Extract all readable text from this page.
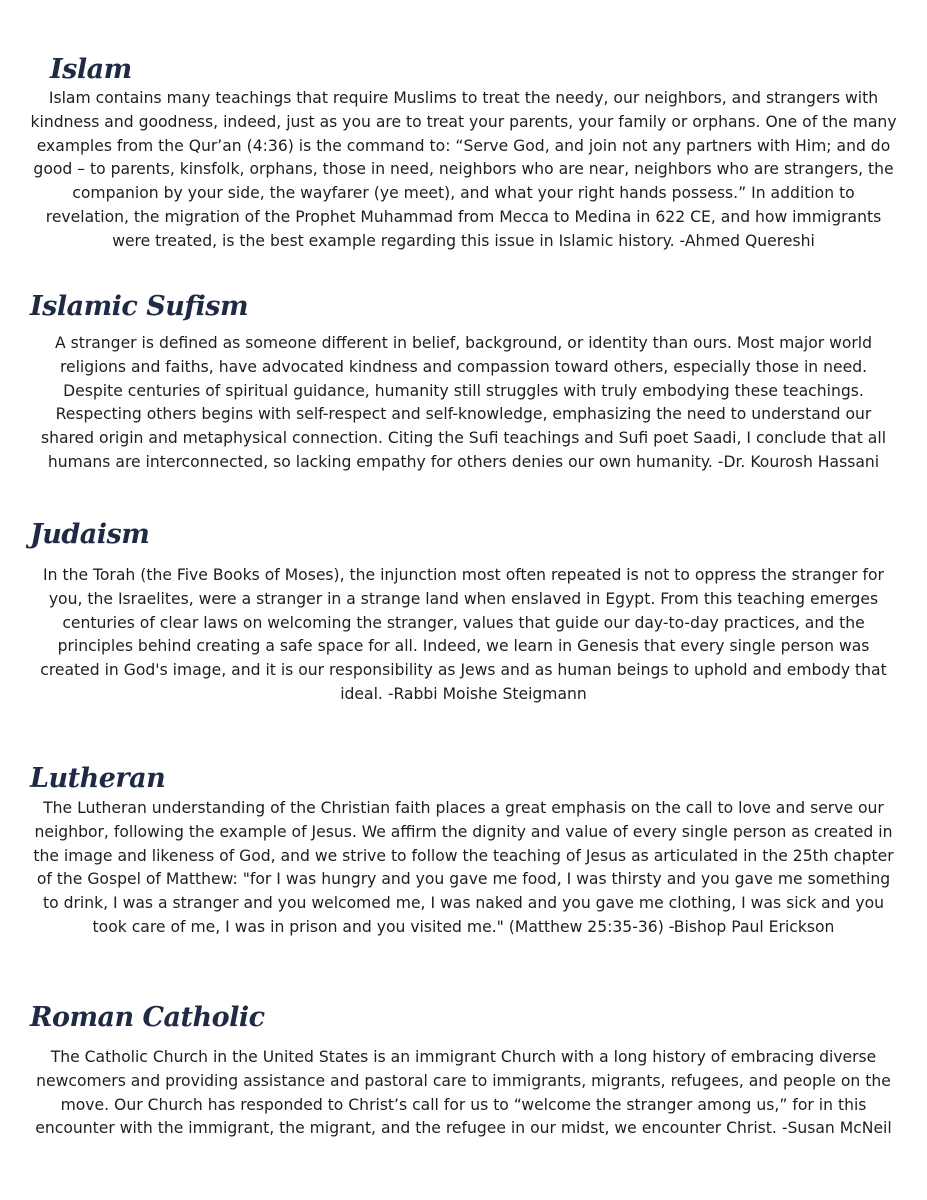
Islam

Islam contains many teachings that require Muslims to treat the needy, our neighbors, and strangers with kindness and goodness, indeed, just as you are to treat your parents, your family or orphans. One of the many examples from the Qur’an (4:36) is the command to: “Serve God, and join not any partners with Him; and do good – to parents, kinsfolk, orphans, those in need, neighbors who are near, neighbors who are strangers, the companion by your side, the wayfarer (ye meet), and what your right hands possess.” In addition to revelation, the migration of the Prophet Muhammad from Mecca to Medina in 622 CE, and how immigrants were treated, is the best example regarding this issue in Islamic history. -Ahmed Quereshi

Islamic Sufism

A stranger is defined as someone different in belief, background, or identity than ours. Most major world religions and faiths, have advocated kindness and compassion toward others, especially those in need. Despite centuries of spiritual guidance, humanity still struggles with truly embodying these teachings. Respecting others begins with self-respect and self-knowledge, emphasizing the need to understand our shared origin and metaphysical connection. Citing the Sufi teachings and Sufi poet Saadi, I conclude that all humans are interconnected, so lacking empathy for others denies our own humanity. -Dr. Kourosh Hassani

Judaism

In the Torah (the Five Books of Moses), the injunction most often repeated is not to oppress the stranger for you, the Israelites, were a stranger in a strange land when enslaved in Egypt. From this teaching emerges centuries of clear laws on welcoming the stranger, values that guide our day-to-day practices, and the principles behind creating a safe space for all. Indeed, we learn in Genesis that every single person was created in God's image, and it is our responsibility as Jews and as human beings to uphold and embody that ideal. -Rabbi Moishe Steigmann

Lutheran

The Lutheran understanding of the Christian faith places a great emphasis on the call to love and serve our neighbor, following the example of Jesus. We affirm the dignity and value of every single person as created in the image and likeness of God, and we strive to follow the teaching of Jesus as articulated in the 25th chapter of the Gospel of Matthew: "for I was hungry and you gave me food, I was thirsty and you gave me something to drink, I was a stranger and you welcomed me, I was naked and you gave me clothing, I was sick and you took care of me, I was in prison and you visited me." (Matthew 25:35-36) -Bishop Paul Erickson

Roman Catholic

The Catholic Church in the United States is an immigrant Church with a long history of embracing diverse newcomers and providing assistance and pastoral care to immigrants, migrants, refugees, and people on the move. Our Church has responded to Christ’s call for us to “welcome the stranger among us,” for in this encounter with the immigrant, the migrant, and the refugee in our midst, we encounter Christ. -Susan McNeil
